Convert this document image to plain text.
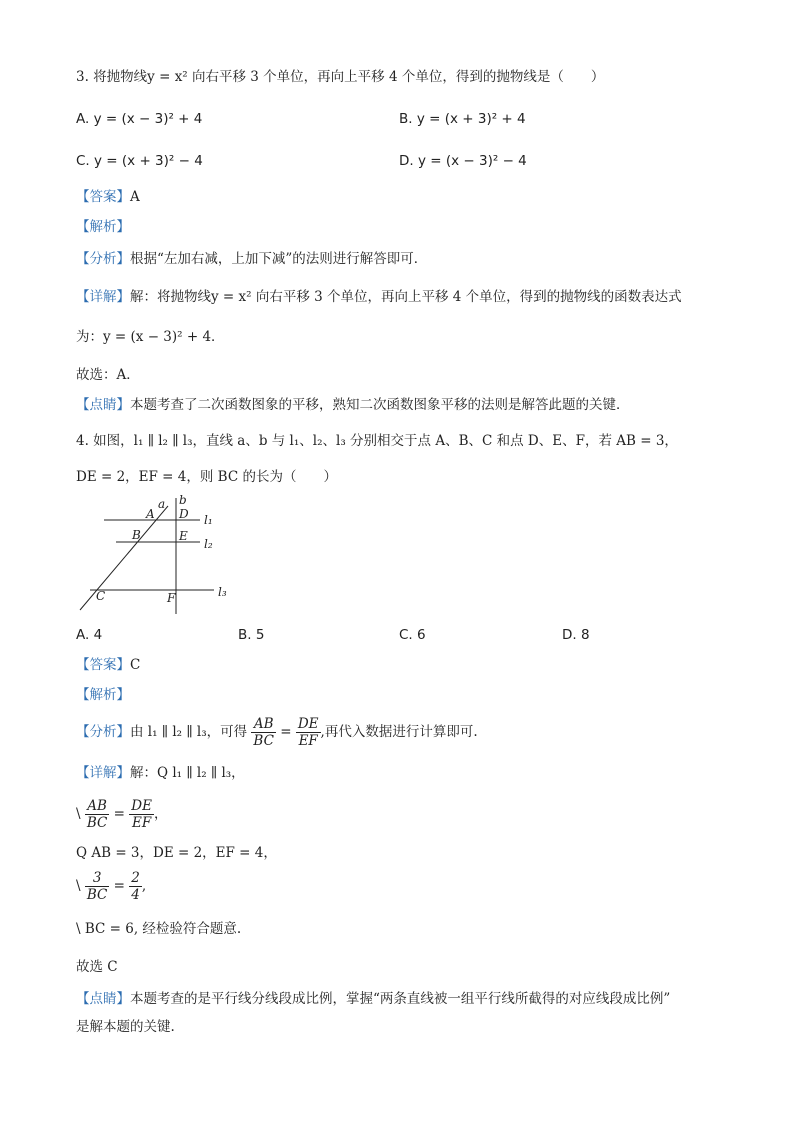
3. 将抛物线y = x² 向右平移 3 个单位，再向上平移 4 个单位，得到的抛物线是（　　）
A. y = (x − 3)² + 4	B. y = (x + 3)² + 4
C. y = (x + 3)² − 4	D. y = (x − 3)² − 4
【答案】A
【解析】
【分析】根据“左加右减，上加下减”的法则进行解答即可．
【详解】解：将抛物线y = x² 向右平移 3 个单位，再向上平移 4 个单位，得到的抛物线的函数表达式
为：y = (x − 3)² + 4．
故选：A．
【点睛】本题考查了二次函数图象的平移，熟知二次函数图象平移的法则是解答此题的关键．
4. 如图，l₁ ∥ l₂ ∥ l₃，直线 a、b 与 l₁、l₂、l₃ 分别相交于点 A、B、C 和点 D、E、F，若 AB = 3，
DE = 2，EF = 4，则 BC 的长为（　　）
a b
A D l₁
B	E
l₂
C	F	l₃
A. 4	B. 5	C. 6	D. 8
【答案】C
【解析】
【分析】由 l₁ ∥ l₂ ∥ l₃，可得 $\frac{AB}{BC} = \frac{DE}{EF}$ ,再代入数据进行计算即可.
【详解】解：Q l₁ ∥ l₂ ∥ l₃，
\ $\frac{AB}{BC} = \frac{DE}{EF}$ ，
Q AB = 3，DE = 2，EF = 4，
\ $\frac{3}{BC} = \frac{2}{4}$ ,
\ BC = 6, 经检验符合题意.
故选 C
【点睛】本题考查的是平行线分线段成比例，掌握“两条直线被一组平行线所截得的对应线段成比例”
是解本题的关键.
